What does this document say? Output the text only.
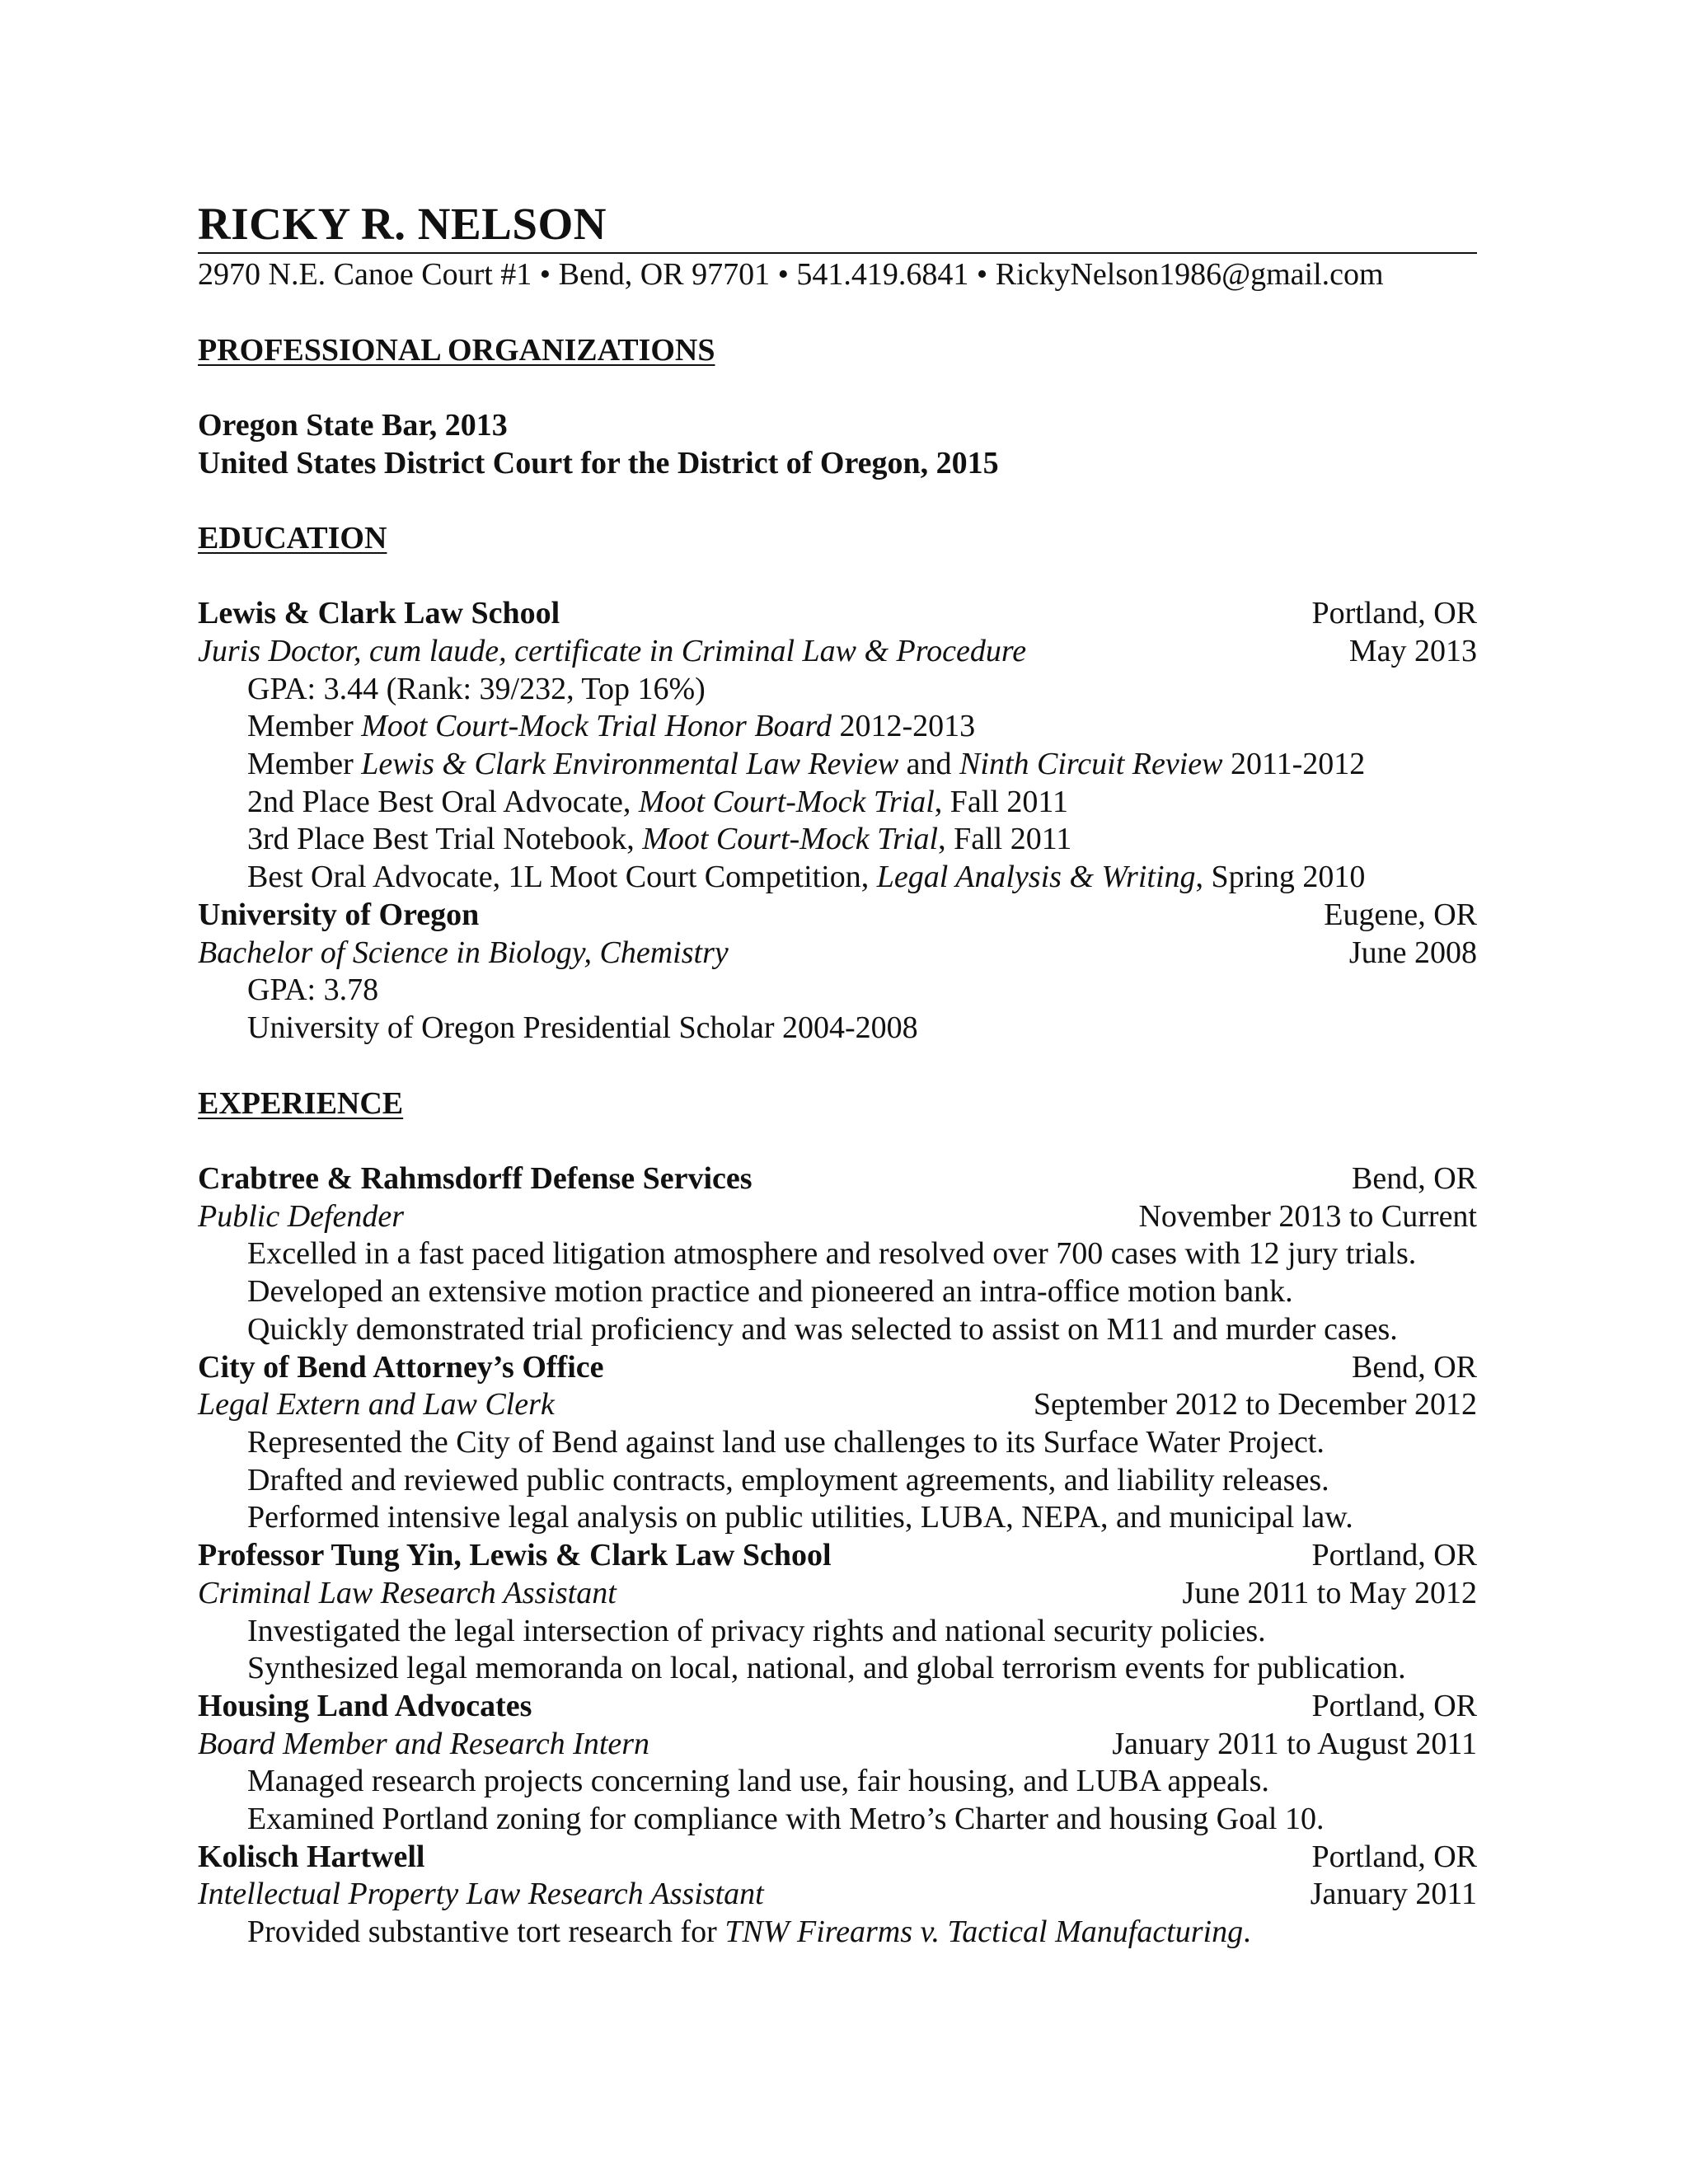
RICKY R. NELSON
2970 N.E. Canoe Court #1 • Bend, OR 97701 • 541.419.6841 • RickyNelson1986@gmail.com
PROFESSIONAL ORGANIZATIONS
Oregon State Bar, 2013
United States District Court for the District of Oregon, 2015
EDUCATION
Lewis & Clark Law School	Portland, OR
Juris Doctor, cum laude, certificate in Criminal Law & Procedure	May 2013
GPA: 3.44 (Rank: 39/232, Top 16%)
Member Moot Court-Mock Trial Honor Board 2012-2013
Member Lewis & Clark Environmental Law Review and Ninth Circuit Review 2011-2012
2nd Place Best Oral Advocate, Moot Court-Mock Trial, Fall 2011
3rd Place Best Trial Notebook, Moot Court-Mock Trial, Fall 2011
Best Oral Advocate, 1L Moot Court Competition, Legal Analysis & Writing, Spring 2010
University of Oregon	Eugene, OR
Bachelor of Science in Biology, Chemistry	June 2008
GPA: 3.78
University of Oregon Presidential Scholar 2004-2008
EXPERIENCE
Crabtree & Rahmsdorff Defense Services	Bend, OR
Public Defender	November 2013 to Current
Excelled in a fast paced litigation atmosphere and resolved over 700 cases with 12 jury trials.
Developed an extensive motion practice and pioneered an intra-office motion bank.
Quickly demonstrated trial proficiency and was selected to assist on M11 and murder cases.
City of Bend Attorney’s Office	Bend, OR
Legal Extern and Law Clerk	September 2012 to December 2012
Represented the City of Bend against land use challenges to its Surface Water Project.
Drafted and reviewed public contracts, employment agreements, and liability releases.
Performed intensive legal analysis on public utilities, LUBA, NEPA, and municipal law.
Professor Tung Yin, Lewis & Clark Law School	Portland, OR
Criminal Law Research Assistant	June 2011 to May 2012
Investigated the legal intersection of privacy rights and national security policies.
Synthesized legal memoranda on local, national, and global terrorism events for publication.
Housing Land Advocates	Portland, OR
Board Member and Research Intern	January 2011 to August 2011
Managed research projects concerning land use, fair housing, and LUBA appeals.
Examined Portland zoning for compliance with Metro’s Charter and housing Goal 10.
Kolisch Hartwell	Portland, OR
Intellectual Property Law Research Assistant	January 2011
Provided substantive tort research for TNW Firearms v. Tactical Manufacturing.
